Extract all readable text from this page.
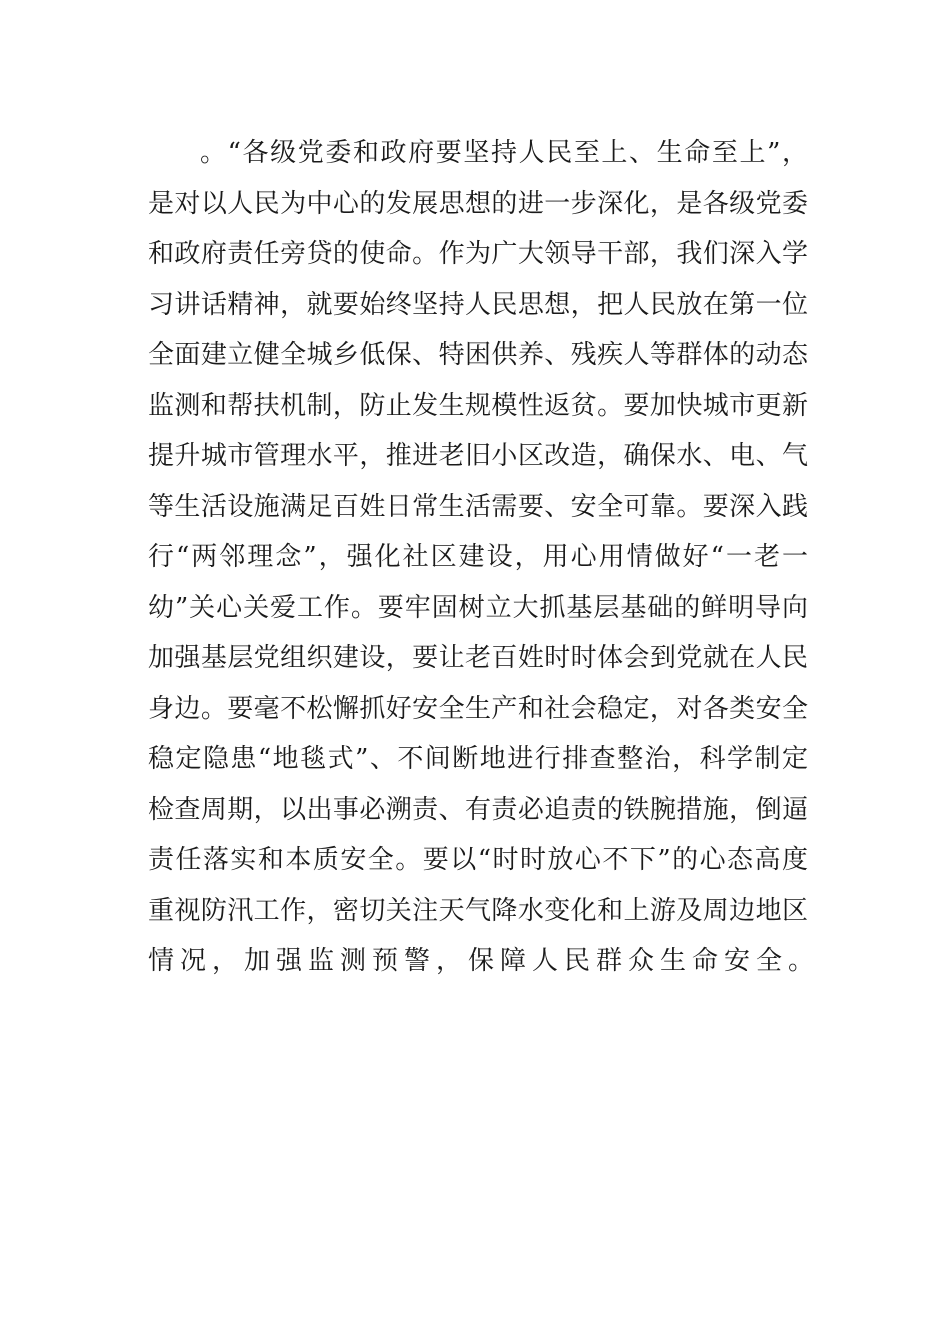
。“各级党委和政府要坚持人民至上、生命至上”，
是对以人民为中心的发展思想的进一步深化，是各级党委
和政府责任旁贷的使命。作为广大领导干部，我们深入学
习讲话精神，就要始终坚持人民思想，把人民放在第一位
全面建立健全城乡低保、特困供养、残疾人等群体的动态
监测和帮扶机制，防止发生规模性返贫。要加快城市更新
提升城市管理水平，推进老旧小区改造，确保水、电、气
等生活设施满足百姓日常生活需要、安全可靠。要深入践
行“两邻理念”，强化社区建设，用心用情做好“一老一
幼”关心关爱工作。要牢固树立大抓基层基础的鲜明导向
加强基层党组织建设，要让老百姓时时体会到党就在人民
身边。要毫不松懈抓好安全生产和社会稳定，对各类安全
稳定隐患“地毯式”、不间断地进行排查整治，科学制定
检查周期，以出事必溯责、有责必追责的铁腕措施，倒逼
责任落实和本质安全。要以“时时放心不下”的心态高度
重视防汛工作，密切关注天气降水变化和上游及周边地区
情况，加强监测预警，保障人民群众生命安全。
